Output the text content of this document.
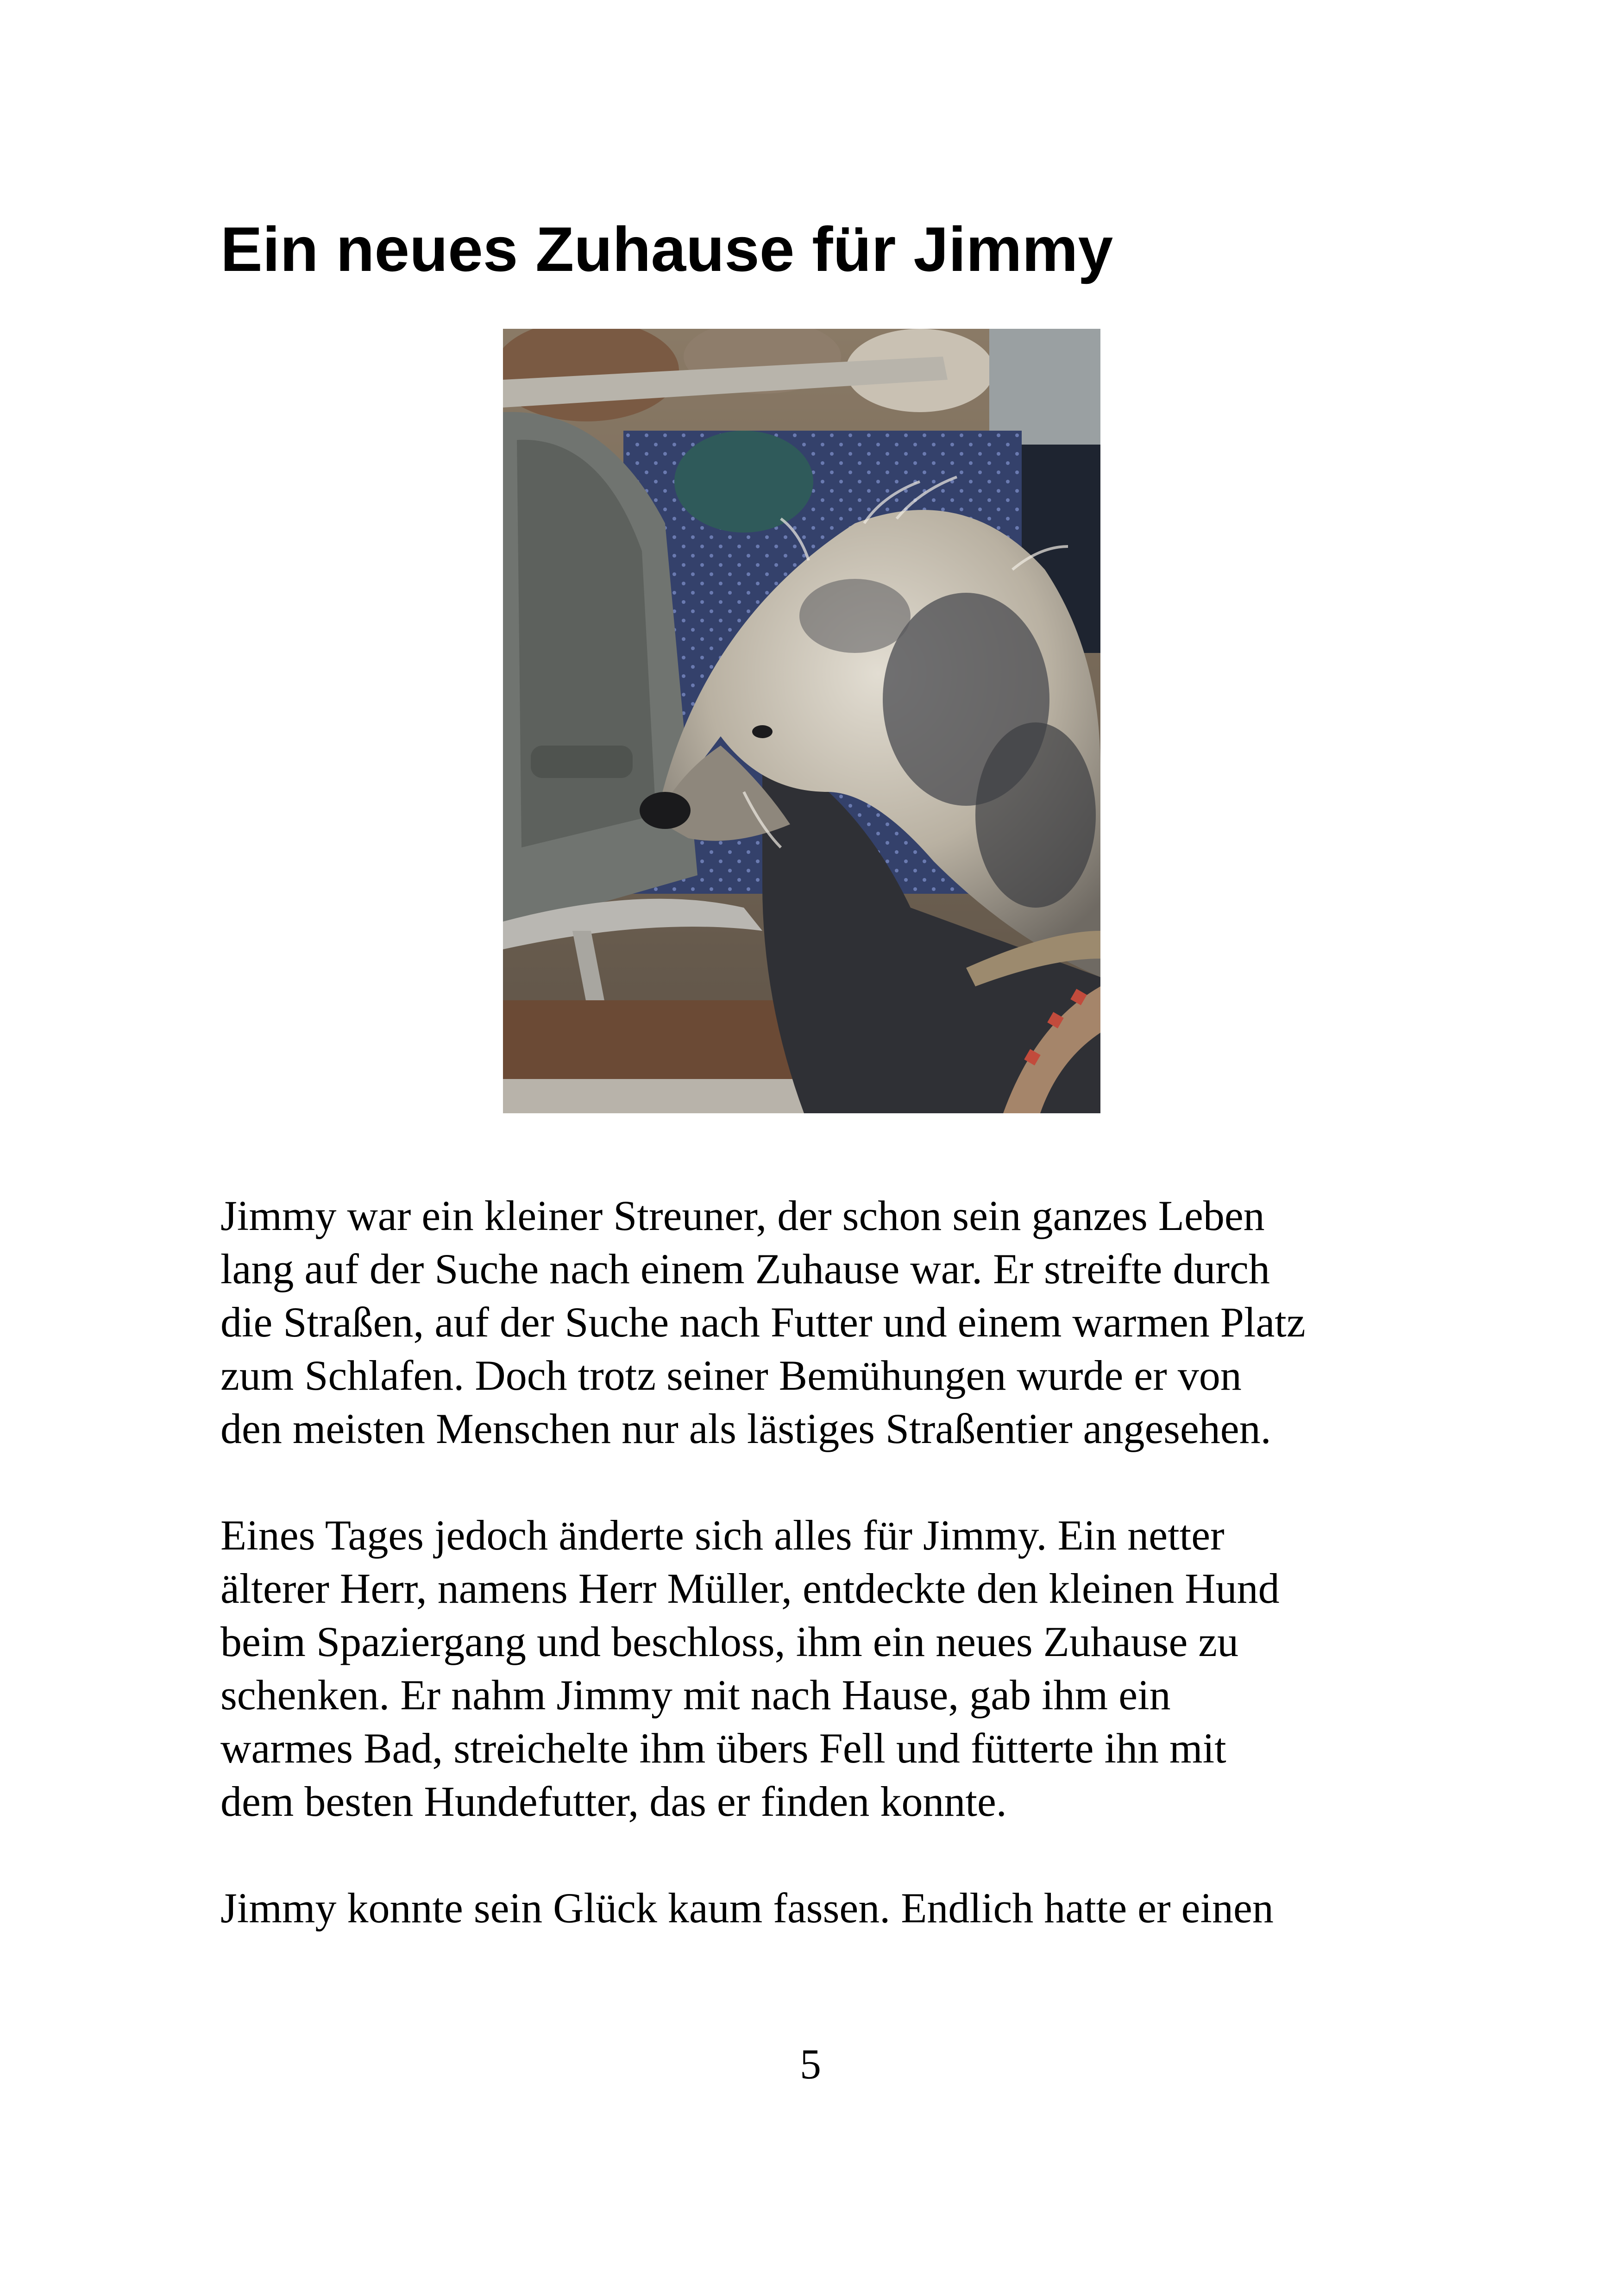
Ein neues Zuhause für Jimmy

Jimmy war ein kleiner Streuner, der schon sein ganzes Leben
lang auf der Suche nach einem Zuhause war. Er streifte durch
die Straßen, auf der Suche nach Futter und einem warmen Platz
zum Schlafen. Doch trotz seiner Bemühungen wurde er von
den meisten Menschen nur als lästiges Straßentier angesehen.

Eines Tages jedoch änderte sich alles für Jimmy. Ein netter
älterer Herr, namens Herr Müller, entdeckte den kleinen Hund
beim Spaziergang und beschloss, ihm ein neues Zuhause zu
schenken. Er nahm Jimmy mit nach Hause, gab ihm ein
warmes Bad, streichelte ihm übers Fell und fütterte ihn mit
dem besten Hundefutter, das er finden konnte.

Jimmy konnte sein Glück kaum fassen. Endlich hatte er einen

5
